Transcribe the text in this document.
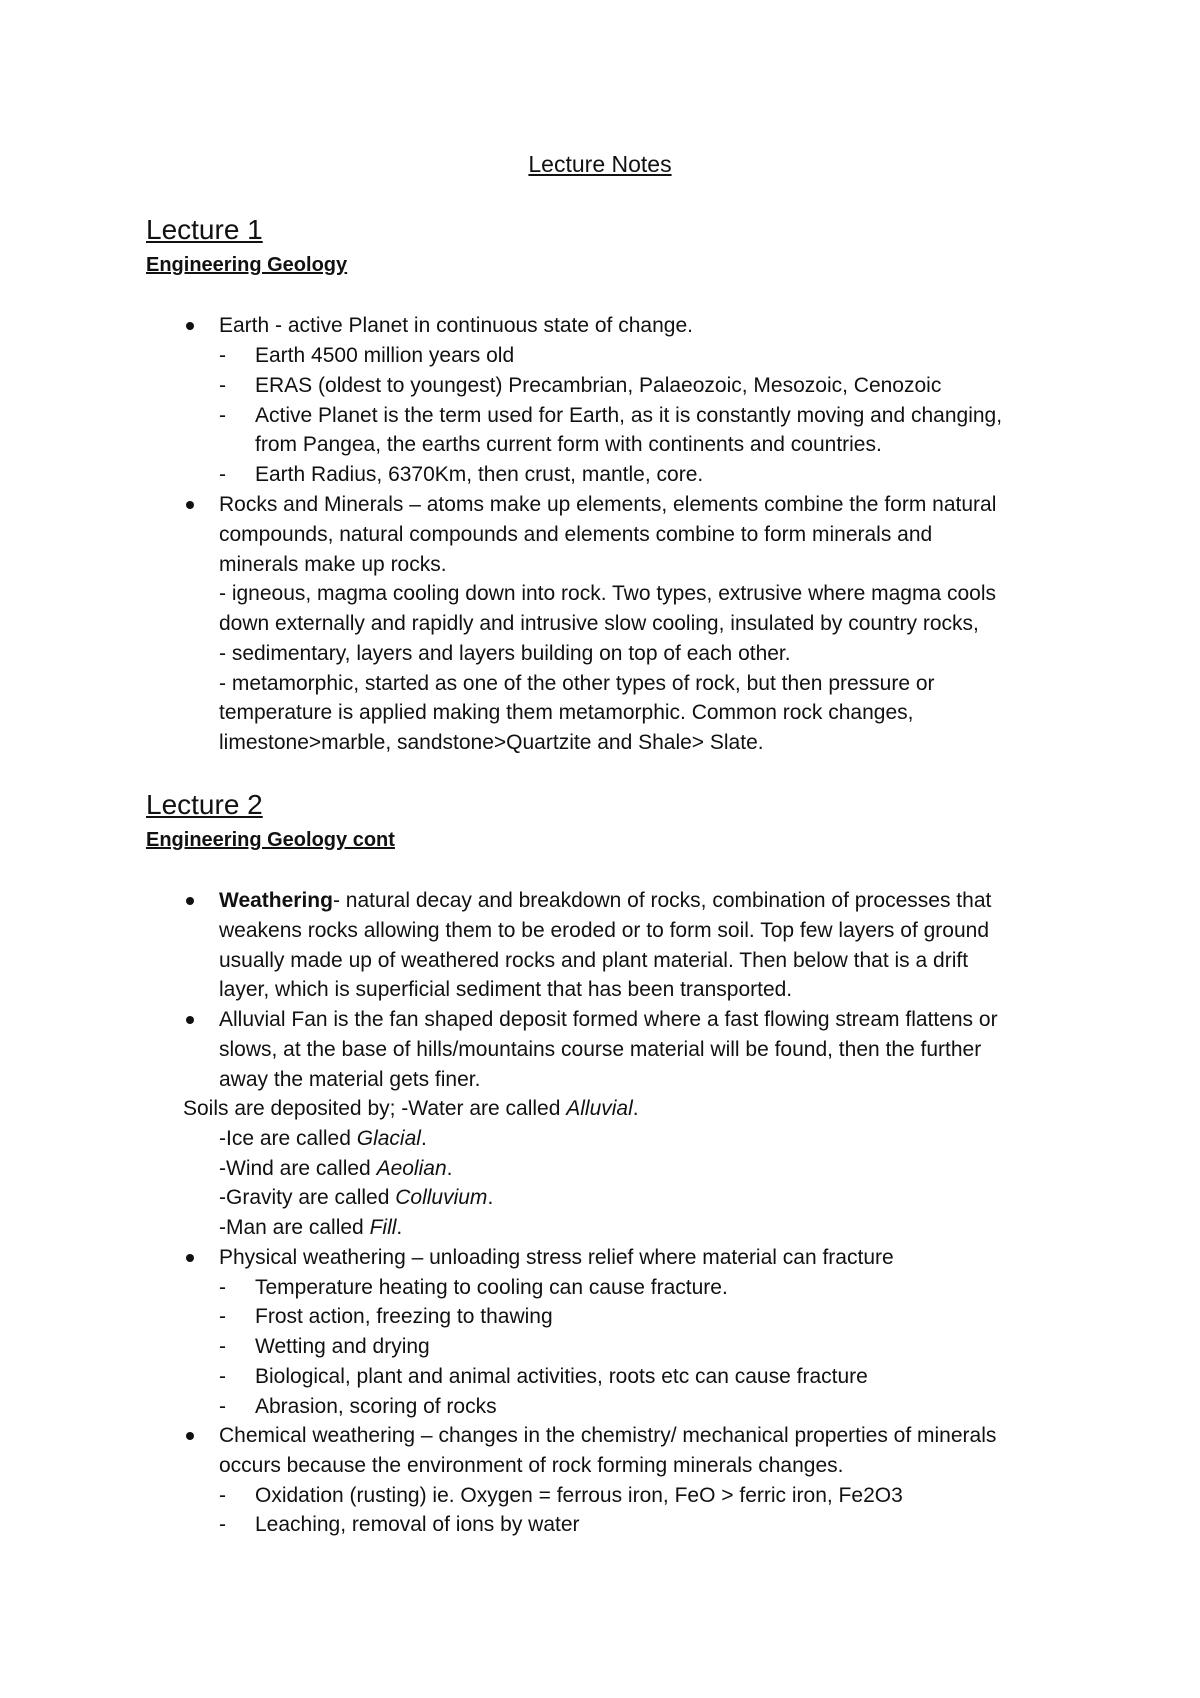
Lecture Notes
Lecture 1
Engineering Geology
Earth - active Planet in continuous state of change.
- Earth 4500 million years old
- ERAS (oldest to youngest) Precambrian, Palaeozoic, Mesozoic, Cenozoic
- Active Planet is the term used for Earth, as it is constantly moving and changing,
from Pangea, the earths current form with continents and countries.
- Earth Radius, 6370Km, then crust, mantle, core.
Rocks and Minerals – atoms make up elements, elements combine the form natural
compounds, natural compounds and elements combine to form minerals and
minerals make up rocks.
- igneous, magma cooling down into rock. Two types, extrusive where magma cools
down externally and rapidly and intrusive slow cooling, insulated by country rocks,
- sedimentary, layers and layers building on top of each other.
- metamorphic, started as one of the other types of rock, but then pressure or
temperature is applied making them metamorphic. Common rock changes,
limestone>marble, sandstone>Quartzite and Shale> Slate.
Lecture 2
Engineering Geology cont
Weathering- natural decay and breakdown of rocks, combination of processes that
weakens rocks allowing them to be eroded or to form soil. Top few layers of ground
usually made up of weathered rocks and plant material. Then below that is a drift
layer, which is superficial sediment that has been transported.
Alluvial Fan is the fan shaped deposit formed where a fast flowing stream flattens or
slows, at the base of hills/mountains course material will be found, then the further
away the material gets finer.
Soils are deposited by; -Water are called Alluvial.
-Ice are called Glacial.
-Wind are called Aeolian.
-Gravity are called Colluvium.
-Man are called Fill.
Physical weathering – unloading stress relief where material can fracture
- Temperature heating to cooling can cause fracture.
- Frost action, freezing to thawing
- Wetting and drying
- Biological, plant and animal activities, roots etc can cause fracture
- Abrasion, scoring of rocks
Chemical weathering – changes in the chemistry/ mechanical properties of minerals
occurs because the environment of rock forming minerals changes.
- Oxidation (rusting) ie. Oxygen = ferrous iron, FeO > ferric iron, Fe2O3
- Leaching, removal of ions by water
